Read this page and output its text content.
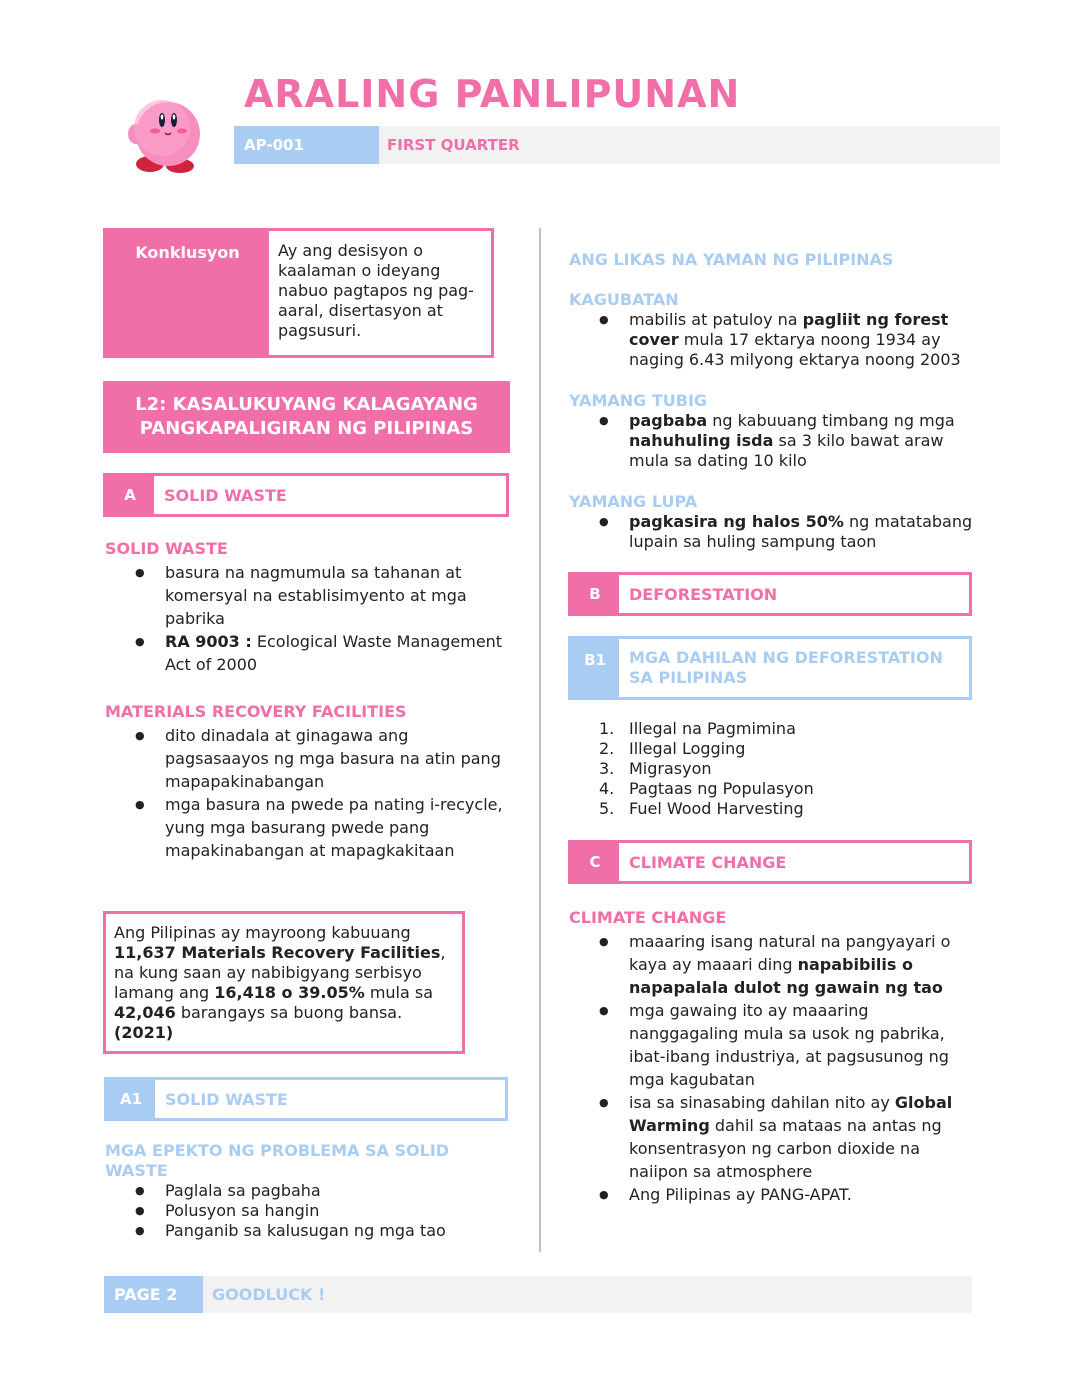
ARALING PANLIPUNAN
AP-001	FIRST QUARTER
Konklusyon	Ay ang desisyon o kaalaman o ideyang nabuo pagtapos ng pag-aaral, disertasyon at pagsusuri.
L2: KASALUKUYANG KALAGAYANG PANGKAPALIGIRAN NG PILIPINAS
A	SOLID WASTE
SOLID WASTE
● basura na nagmumula sa tahanan at komersyal na establisimyento at mga pabrika
● RA 9003 : Ecological Waste Management Act of 2000
MATERIALS RECOVERY FACILITIES
● dito dinadala at ginagawa ang pagsasaayos ng mga basura na atin pang mapapakinabangan
● mga basura na pwede pa nating i-recycle, yung mga basurang pwede pang mapakinabangan at mapagkakitaan
Ang Pilipinas ay mayroong kabuuang 11,637 Materials Recovery Facilities, na kung saan ay nabibigyang serbisyo lamang ang 16,418 o 39.05% mula sa 42,046 barangays sa buong bansa.
(2021)
A1	SOLID WASTE
MGA EPEKTO NG PROBLEMA SA SOLID WASTE
● Paglala sa pagbaha
● Polusyon sa hangin
● Panganib sa kalusugan ng mga tao
ANG LIKAS NA YAMAN NG PILIPINAS
KAGUBATAN
● mabilis at patuloy na pagliit ng forest cover mula 17 ektarya noong 1934 ay naging 6.43 milyong ektarya noong 2003
YAMANG TUBIG
● pagbaba ng kabuuang timbang ng mga nahuhuling isda sa 3 kilo bawat araw mula sa dating 10 kilo
YAMANG LUPA
● pagkasira ng halos 50% ng matatabang lupain sa huling sampung taon
B	DEFORESTATION
B1	MGA DAHILAN NG DEFORESTATION SA PILIPINAS
1. Illegal na Pagmimina
2. Illegal Logging
3. Migrasyon
4. Pagtaas ng Populasyon
5. Fuel Wood Harvesting
C	CLIMATE CHANGE
CLIMATE CHANGE
● maaaring isang natural na pangyayari o kaya ay maaari ding napabibilis o napapalala dulot ng gawain ng tao
● mga gawaing ito ay maaaring nanggagaling mula sa usok ng pabrika, ibat-ibang industriya, at pagsusunog ng mga kagubatan
● isa sa sinasabing dahilan nito ay Global Warming dahil sa mataas na antas ng konsentrasyon ng carbon dioxide na naiipon sa atmosphere
● Ang Pilipinas ay PANG-APAT.
PAGE 2	GOODLUCK !
